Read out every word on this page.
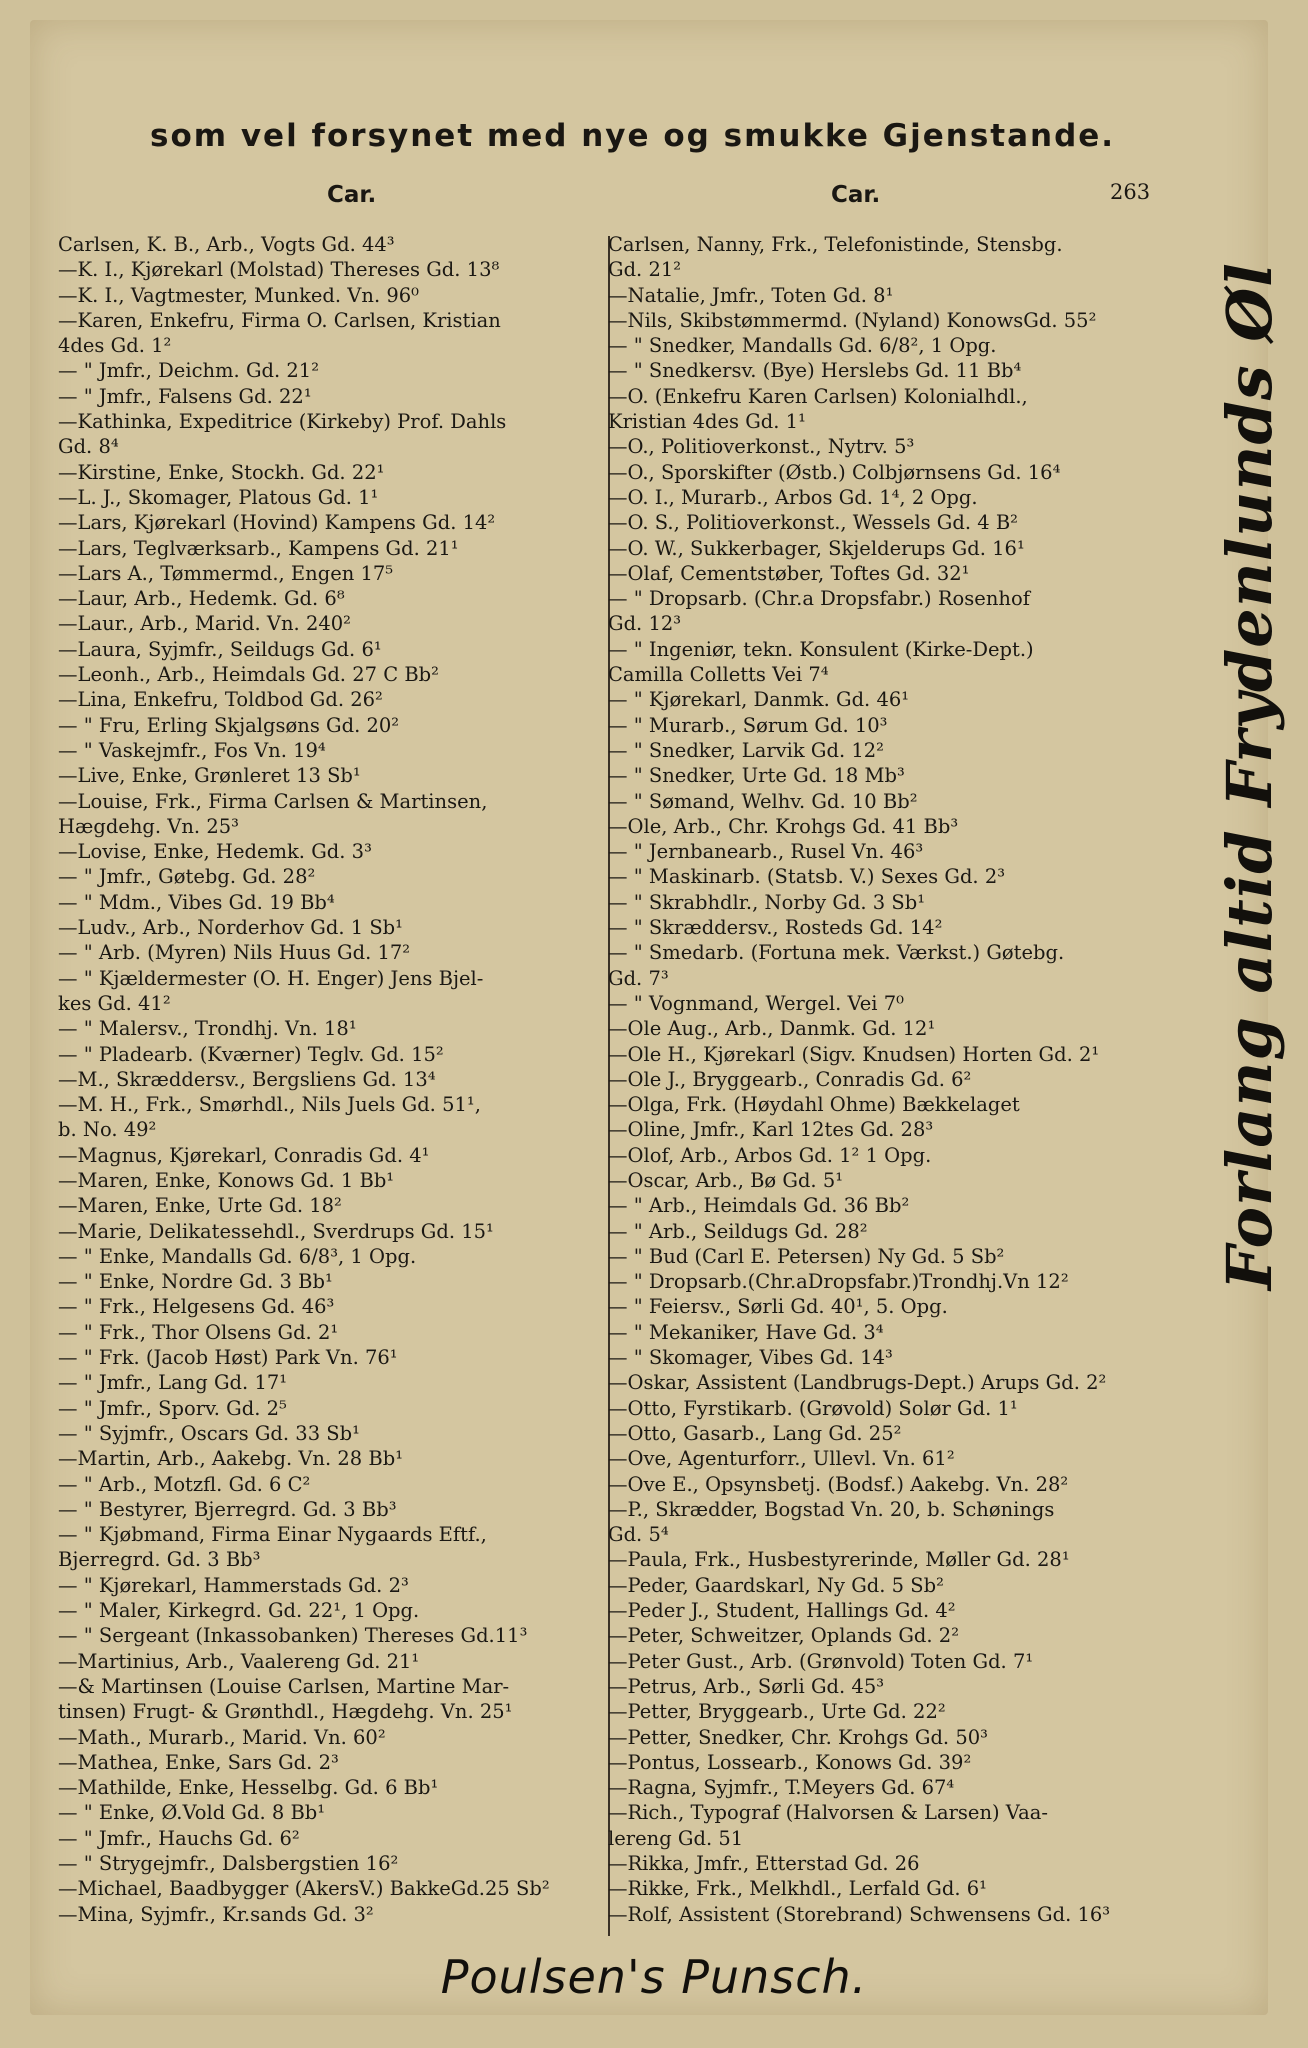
som vel forsynet med nye og smukke Gjenstande.
Car.	Car.	263
Carlsen, K. B., Arb., Vogts Gd. 44³
—K. I., Kjørekarl (Molstad) Thereses Gd. 13⁸
—K. I., Vagtmester, Munked. Vn. 96⁰
—Karen, Enkefru, Firma O. Carlsen, Kristian
4des Gd. 1²
— " Jmfr., Deichm. Gd. 21²
— " Jmfr., Falsens Gd. 22¹
—Kathinka, Expeditrice (Kirkeby) Prof. Dahls
Gd. 8⁴
—Kirstine, Enke, Stockh. Gd. 22¹
—L. J., Skomager, Platous Gd. 1¹
—Lars, Kjørekarl (Hovind) Kampens Gd. 14²
—Lars, Teglværksarb., Kampens Gd. 21¹
—Lars A., Tømmermd., Engen 17⁵
—Laur, Arb., Hedemk. Gd. 6⁸
—Laur., Arb., Marid. Vn. 240²
—Laura, Syjmfr., Seildugs Gd. 6¹
—Leonh., Arb., Heimdals Gd. 27 C Bb²
—Lina, Enkefru, Toldbod Gd. 26²
— " Fru, Erling Skjalgsøns Gd. 20²
— " Vaskejmfr., Fos Vn. 19⁴
—Live, Enke, Grønleret 13 Sb¹
—Louise, Frk., Firma Carlsen & Martinsen,
Hægdehg. Vn. 25³
—Lovise, Enke, Hedemk. Gd. 3³
— " Jmfr., Gøtebg. Gd. 28²
— " Mdm., Vibes Gd. 19 Bb⁴
—Ludv., Arb., Norderhov Gd. 1 Sb¹
— " Arb. (Myren) Nils Huus Gd. 17²
— " Kjældermester (O. H. Enger) Jens Bjel-
kes Gd. 41²
— " Malersv., Trondhj. Vn. 18¹
— " Pladearb. (Kværner) Teglv. Gd. 15²
—M., Skræddersv., Bergsliens Gd. 13⁴
—M. H., Frk., Smørhdl., Nils Juels Gd. 51¹,
b. No. 49²
—Magnus, Kjørekarl, Conradis Gd. 4¹
—Maren, Enke, Konows Gd. 1 Bb¹
—Maren, Enke, Urte Gd. 18²
—Marie, Delikatessehdl., Sverdrups Gd. 15¹
— " Enke, Mandalls Gd. 6/8³, 1 Opg.
— " Enke, Nordre Gd. 3 Bb¹
— " Frk., Helgesens Gd. 46³
— " Frk., Thor Olsens Gd. 2¹
— " Frk. (Jacob Høst) Park Vn. 76¹
— " Jmfr., Lang Gd. 17¹
— " Jmfr., Sporv. Gd. 2⁵
— " Syjmfr., Oscars Gd. 33 Sb¹
—Martin, Arb., Aakebg. Vn. 28 Bb¹
— " Arb., Motzfl. Gd. 6 C²
— " Bestyrer, Bjerregrd. Gd. 3 Bb³
— " Kjøbmand, Firma Einar Nygaards Eftf.,
Bjerregrd. Gd. 3 Bb³
— " Kjørekarl, Hammerstads Gd. 2³
— " Maler, Kirkegrd. Gd. 22¹, 1 Opg.
— " Sergeant (Inkassobanken) Thereses Gd.11³
—Martinius, Arb., Vaalereng Gd. 21¹
—& Martinsen (Louise Carlsen, Martine Mar-
tinsen) Frugt- & Grønthdl., Hægdehg. Vn. 25¹
—Math., Murarb., Marid. Vn. 60²
—Mathea, Enke, Sars Gd. 2³
—Mathilde, Enke, Hesselbg. Gd. 6 Bb¹
— " Enke, Ø.Vold Gd. 8 Bb¹
— " Jmfr., Hauchs Gd. 6²
— " Strygejmfr., Dalsbergstien 16²
—Michael, Baadbygger (AkersV.) BakkeGd.25 Sb²
—Mina, Syjmfr., Kr.sands Gd. 3²
Carlsen, Nanny, Frk., Telefonistinde, Stensbg.
Gd. 21²
—Natalie, Jmfr., Toten Gd. 8¹
—Nils, Skibstømmermd. (Nyland) KonowsGd. 55²
— " Snedker, Mandalls Gd. 6/8², 1 Opg.
— " Snedkersv. (Bye) Herslebs Gd. 11 Bb⁴
—O. (Enkefru Karen Carlsen) Kolonialhdl.,
Kristian 4des Gd. 1¹
—O., Politioverkonst., Nytrv. 5³
—O., Sporskifter (Østb.) Colbjørnsens Gd. 16⁴
—O. I., Murarb., Arbos Gd. 1⁴, 2 Opg.
—O. S., Politioverkonst., Wessels Gd. 4 B²
—O. W., Sukkerbager, Skjelderups Gd. 16¹
—Olaf, Cementstøber, Toftes Gd. 32¹
— " Dropsarb. (Chr.a Dropsfabr.) Rosenhof
Gd. 12³
— " Ingeniør, tekn. Konsulent (Kirke-Dept.)
Camilla Colletts Vei 7⁴
— " Kjørekarl, Danmk. Gd. 46¹
— " Murarb., Sørum Gd. 10³
— " Snedker, Larvik Gd. 12²
— " Snedker, Urte Gd. 18 Mb³
— " Sømand, Welhv. Gd. 10 Bb²
—Ole, Arb., Chr. Krohgs Gd. 41 Bb³
— " Jernbanearb., Rusel Vn. 46³
— " Maskinarb. (Statsb. V.) Sexes Gd. 2³
— " Skrabhdlr., Norby Gd. 3 Sb¹
— " Skræddersv., Rosteds Gd. 14²
— " Smedarb. (Fortuna mek. Værkst.) Gøtebg.
Gd. 7³
— " Vognmand, Wergel. Vei 7⁰
—Ole Aug., Arb., Danmk. Gd. 12¹
—Ole H., Kjørekarl (Sigv. Knudsen) Horten Gd. 2¹
—Ole J., Bryggearb., Conradis Gd. 6²
—Olga, Frk. (Høydahl Ohme) Bækkelaget
—Oline, Jmfr., Karl 12tes Gd. 28³
—Olof, Arb., Arbos Gd. 1² 1 Opg.
—Oscar, Arb., Bø Gd. 5¹
— " Arb., Heimdals Gd. 36 Bb²
— " Arb., Seildugs Gd. 28²
— " Bud (Carl E. Petersen) Ny Gd. 5 Sb²
— " Dropsarb.(Chr.aDropsfabr.)Trondhj.Vn 12²
— " Feiersv., Sørli Gd. 40¹, 5. Opg.
— " Mekaniker, Have Gd. 3⁴
— " Skomager, Vibes Gd. 14³
—Oskar, Assistent (Landbrugs-Dept.) Arups Gd. 2²
—Otto, Fyrstikarb. (Grøvold) Solør Gd. 1¹
—Otto, Gasarb., Lang Gd. 25²
—Ove, Agenturforr., Ullevl. Vn. 61²
—Ove E., Opsynsbetj. (Bodsf.) Aakebg. Vn. 28²
—P., Skrædder, Bogstad Vn. 20, b. Schønings
Gd. 5⁴
—Paula, Frk., Husbestyrerinde, Møller Gd. 28¹
—Peder, Gaardskarl, Ny Gd. 5 Sb²
—Peder J., Student, Hallings Gd. 4²
—Peter, Schweitzer, Oplands Gd. 2²
—Peter Gust., Arb. (Grønvold) Toten Gd. 7¹
—Petrus, Arb., Sørli Gd. 45³
—Petter, Bryggearb., Urte Gd. 22²
—Petter, Snedker, Chr. Krohgs Gd. 50³
—Pontus, Lossearb., Konows Gd. 39²
—Ragna, Syjmfr., T.Meyers Gd. 67⁴
—Rich., Typograf (Halvorsen & Larsen) Vaa-
lereng Gd. 51
—Rikka, Jmfr., Etterstad Gd. 26
—Rikke, Frk., Melkhdl., Lerfald Gd. 6¹
—Rolf, Assistent (Storebrand) Schwensens Gd. 16³
Forlang altid Frydenlunds Øl
Poulsen's Punsch.
